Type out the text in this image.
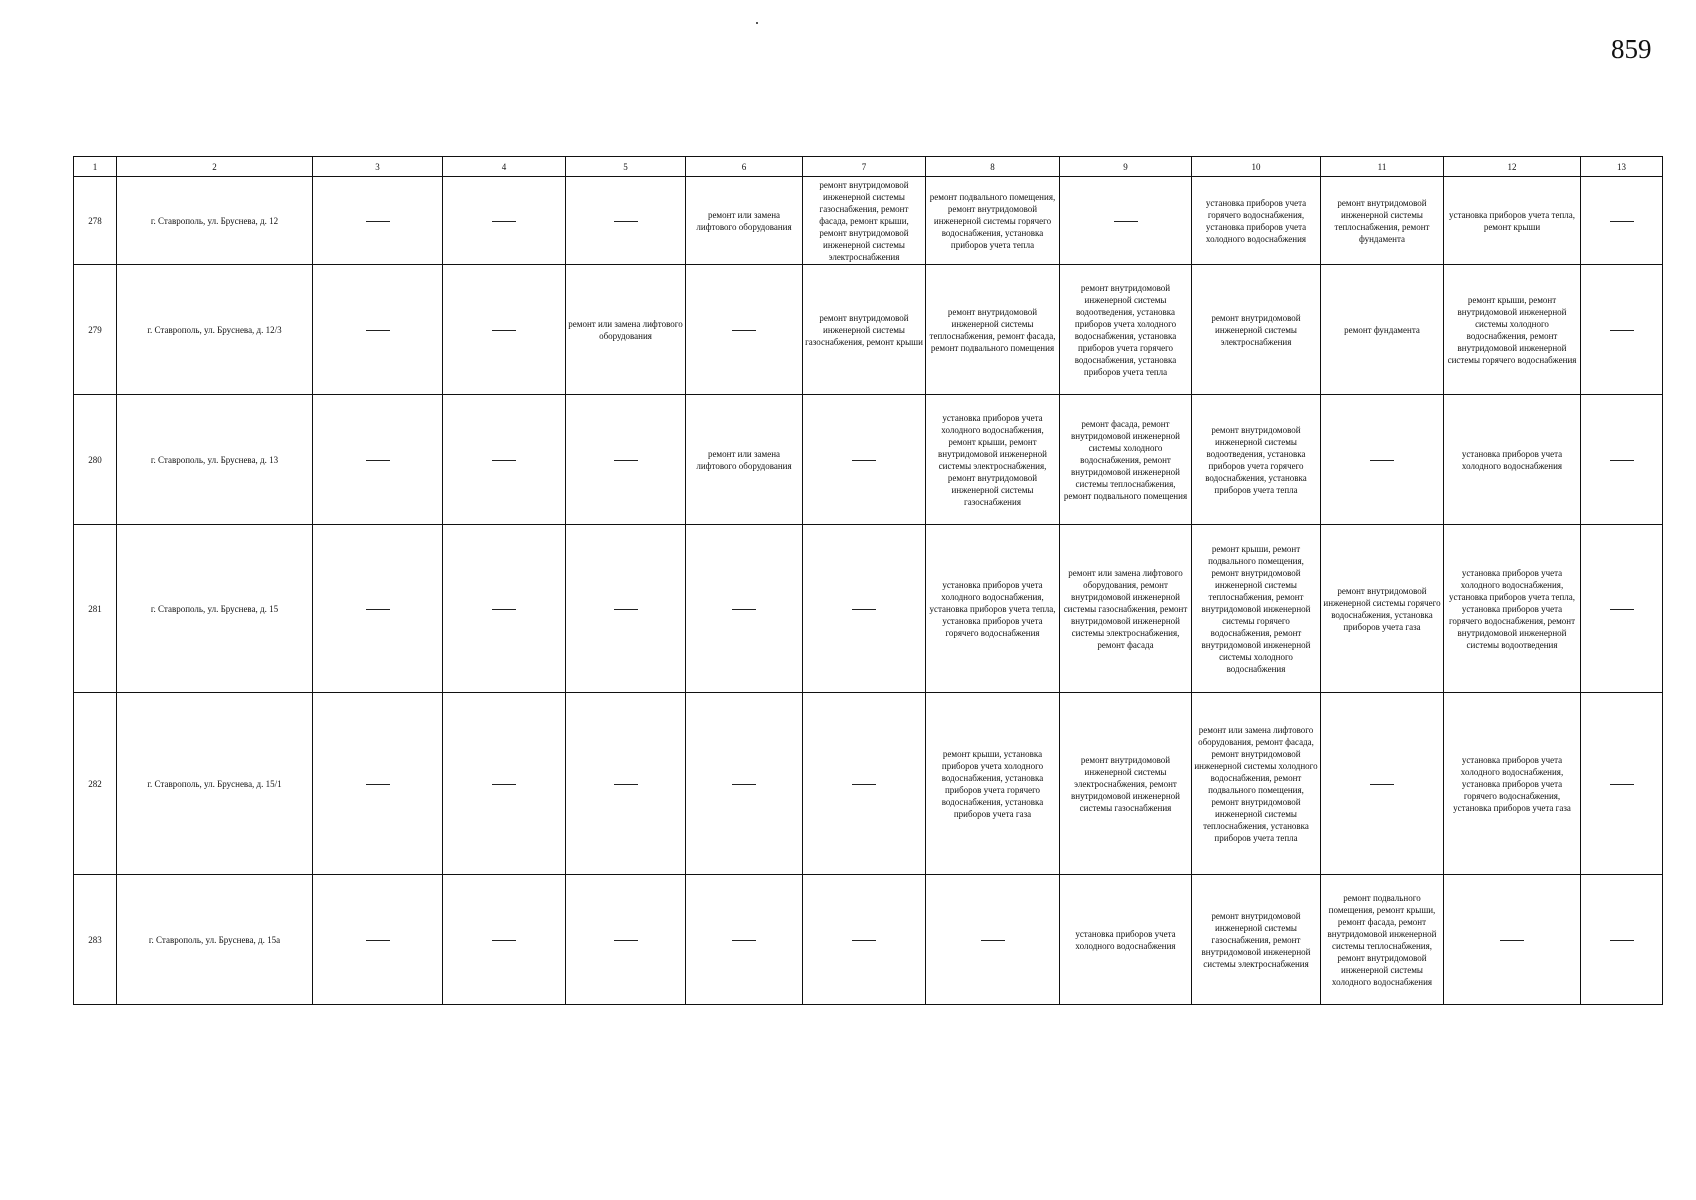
859
1	2	3	4	5	6	7	8	9	10	11	12	13
278	г. Ставрополь, ул. Бруснева, д. 12				ремонт или замена лифтового оборудования	ремонт внутридомовой инженерной системы газоснабжения, ремонт фасада, ремонт крыши, ремонт внутридомовой инженерной системы электроснабжения	ремонт подвального помещения, ремонт внутридомовой инженерной системы горячего водоснабжения, установка приборов учета тепла		установка приборов учета горячего водоснабжения, установка приборов учета холодного водоснабжения	ремонт внутридомовой инженерной системы теплоснабжения, ремонт фундамента	установка приборов учета тепла, ремонт крыши	
279	г. Ставрополь, ул. Бруснева, д. 12/3			ремонт или замена лифтового оборудования		ремонт внутридомовой инженерной системы газоснабжения, ремонт крыши	ремонт внутридомовой инженерной системы теплоснабжения, ремонт фасада, ремонт подвального помещения	ремонт внутридомовой инженерной системы водоотведения, установка приборов учета холодного водоснабжения, установка приборов учета горячего водоснабжения, установка приборов учета тепла	ремонт внутридомовой инженерной системы электроснабжения	ремонт фундамента	ремонт крыши, ремонт внутридомовой инженерной системы холодного водоснабжения, ремонт внутридомовой инженерной системы горячего водоснабжения	
280	г. Ставрополь, ул. Бруснева, д. 13				ремонт или замена лифтового оборудования		установка приборов учета холодного водоснабжения, ремонт крыши, ремонт внутридомовой инженерной системы электроснабжения, ремонт внутридомовой инженерной системы газоснабжения	ремонт фасада, ремонт внутридомовой инженерной системы холодного водоснабжения, ремонт внутридомовой инженерной системы теплоснабжения, ремонт подвального помещения	ремонт внутридомовой инженерной системы водоотведения, установка приборов учета горячего водоснабжения, установка приборов учета тепла		установка приборов учета холодного водоснабжения	
281	г. Ставрополь, ул. Бруснева, д. 15						установка приборов учета холодного водоснабжения, установка приборов учета тепла, установка приборов учета горячего водоснабжения	ремонт или замена лифтового оборудования, ремонт внутридомовой инженерной системы газоснабжения, ремонт внутридомовой инженерной системы электроснабжения, ремонт фасада	ремонт крыши, ремонт подвального помещения, ремонт внутридомовой инженерной системы теплоснабжения, ремонт внутридомовой инженерной системы горячего водоснабжения, ремонт внутридомовой инженерной системы холодного водоснабжения	ремонт внутридомовой инженерной системы горячего водоснабжения, установка приборов учета газа	установка приборов учета холодного водоснабжения, установка приборов учета тепла, установка приборов учета горячего водоснабжения, ремонт внутридомовой инженерной системы водоотведения	
282	г. Ставрополь, ул. Бруснева, д. 15/1						ремонт крыши, установка приборов учета холодного водоснабжения, установка приборов учета горячего водоснабжения, установка приборов учета газа	ремонт внутридомовой инженерной системы электроснабжения, ремонт внутридомовой инженерной системы газоснабжения	ремонт или замена лифтового оборудования, ремонт фасада, ремонт внутридомовой инженерной системы холодного водоснабжения, ремонт подвального помещения, ремонт внутридомовой инженерной системы теплоснабжения, установка приборов учета тепла		установка приборов учета холодного водоснабжения, установка приборов учета горячего водоснабжения, установка приборов учета газа	
283	г. Ставрополь, ул. Бруснева, д. 15а							установка приборов учета холодного водоснабжения	ремонт внутридомовой инженерной системы газоснабжения, ремонт внутридомовой инженерной системы электроснабжения	ремонт подвального помещения, ремонт крыши, ремонт фасада, ремонт внутридомовой инженерной системы теплоснабжения, ремонт внутридомовой инженерной системы холодного водоснабжения		
